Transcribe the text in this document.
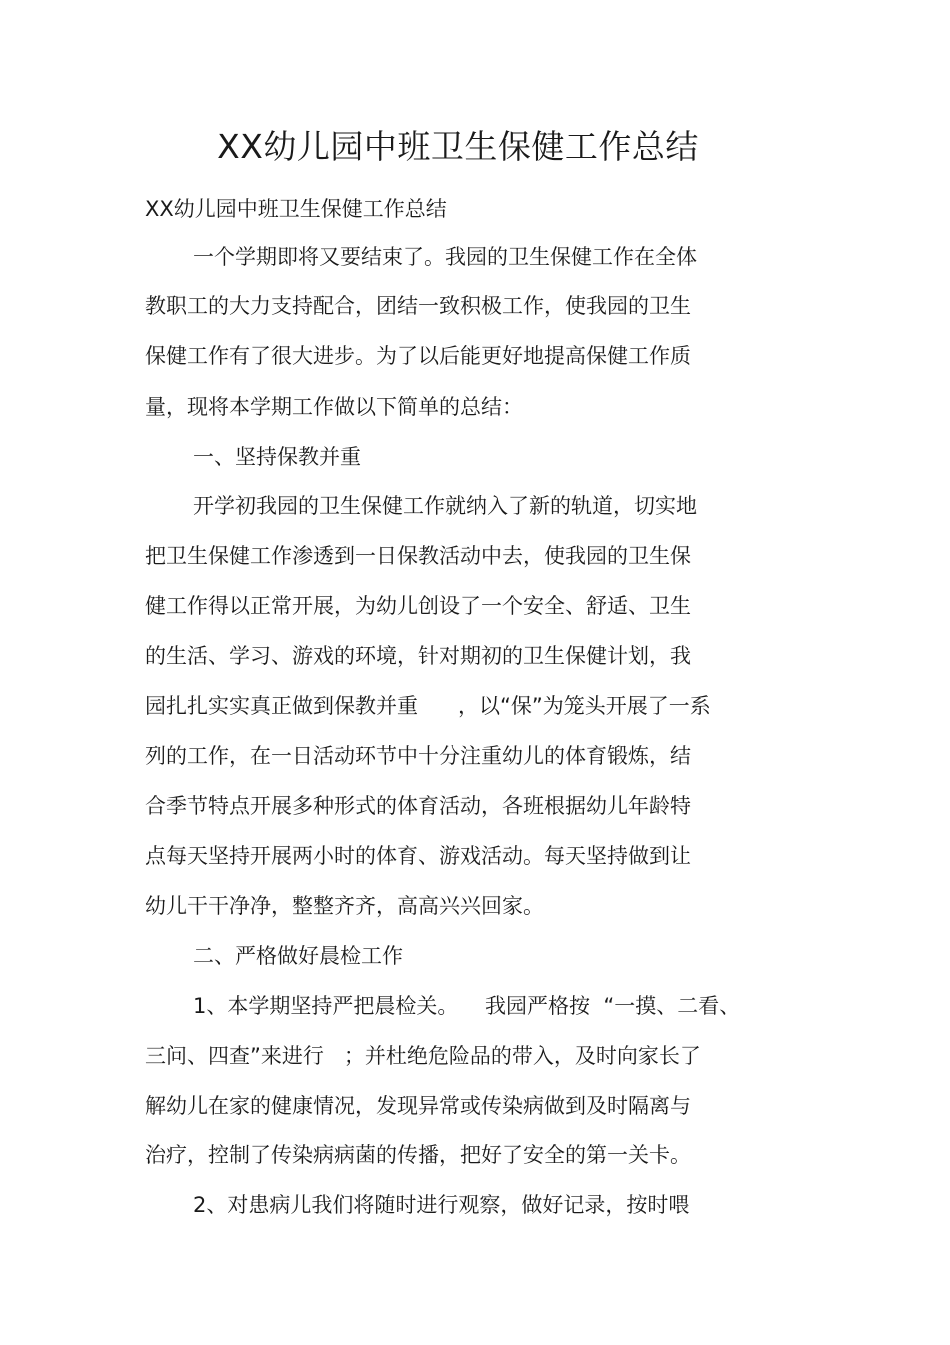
XX幼儿园中班卫生保健工作总结

XX幼儿园中班卫生保健工作总结

一个学期即将又要结束了。我园的卫生保健工作在全体

教职工的大力支持配合，团结一致积极工作，使我园的卫生

保健工作有了很大进步。为了以后能更好地提高保健工作质

量，现将本学期工作做以下简单的总结：

一、坚持保教并重

开学初我园的卫生保健工作就纳入了新的轨道，切实地

把卫生保健工作渗透到一日保教活动中去，使我园的卫生保

健工作得以正常开展，为幼儿创设了一个安全、舒适、卫生

的生活、学习、游戏的环境，针对期初的卫生保健计划，我

园扎扎实实真正做到保教并重      ，以“保”为笼头开展了一系

列的工作，在一日活动环节中十分注重幼儿的体育锻炼，结

合季节特点开展多种形式的体育活动，各班根据幼儿年龄特

点每天坚持开展两小时的体育、游戏活动。每天坚持做到让

幼儿干干净净，整整齐齐，高高兴兴回家。

二、严格做好晨检工作

1、本学期坚持严把晨检关。    我园严格按  “一摸、二看、

三问、四查”来进行   ；并杜绝危险品的带入，及时向家长了

解幼儿在家的健康情况，发现异常或传染病做到及时隔离与

治疗，控制了传染病病菌的传播，把好了安全的第一关卡。

2、对患病儿我们将随时进行观察，做好记录，按时喂
